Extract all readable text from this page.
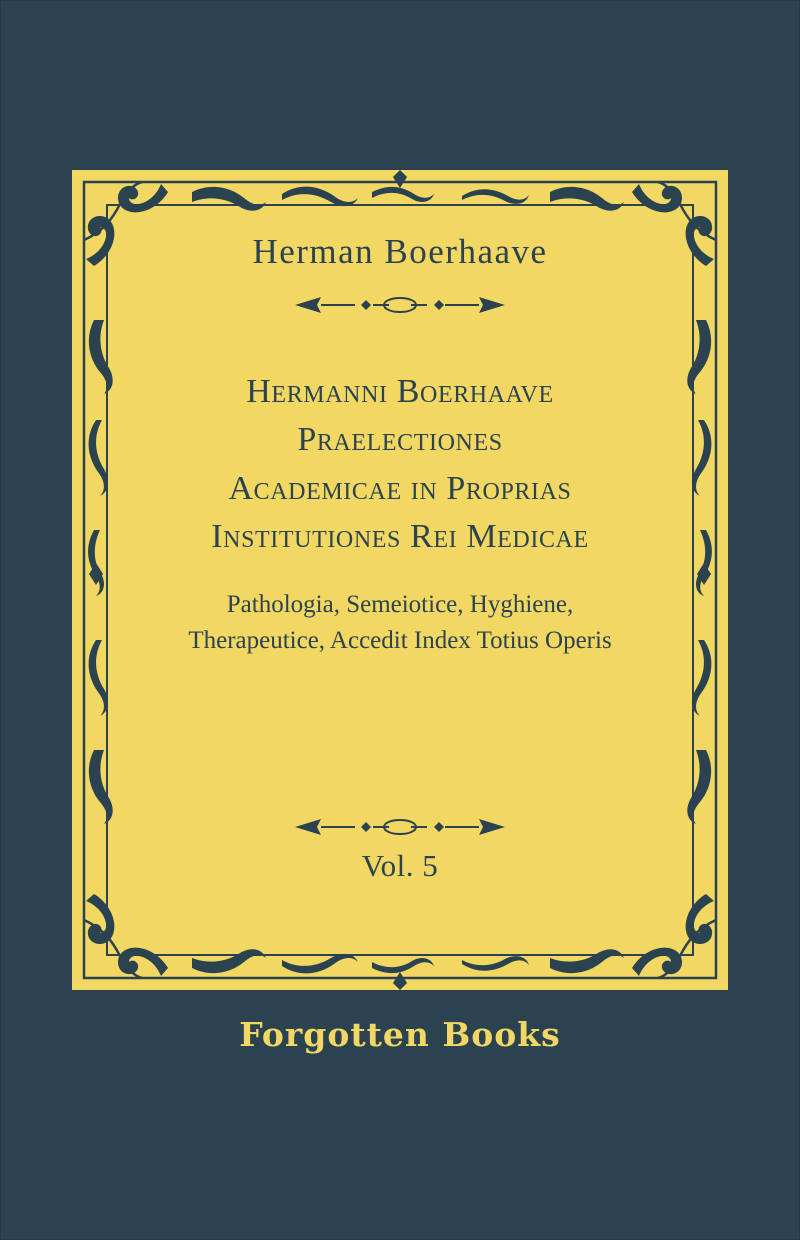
Herman Boerhaave
Hermanni Boerhaave
Praelectiones
Academicae in Proprias
Institutiones Rei Medicae
Pathologia, Semeiotice, Hyghiene,
Therapeutice, Accedit Index Totius Operis
Vol. 5
Forgotten Books
